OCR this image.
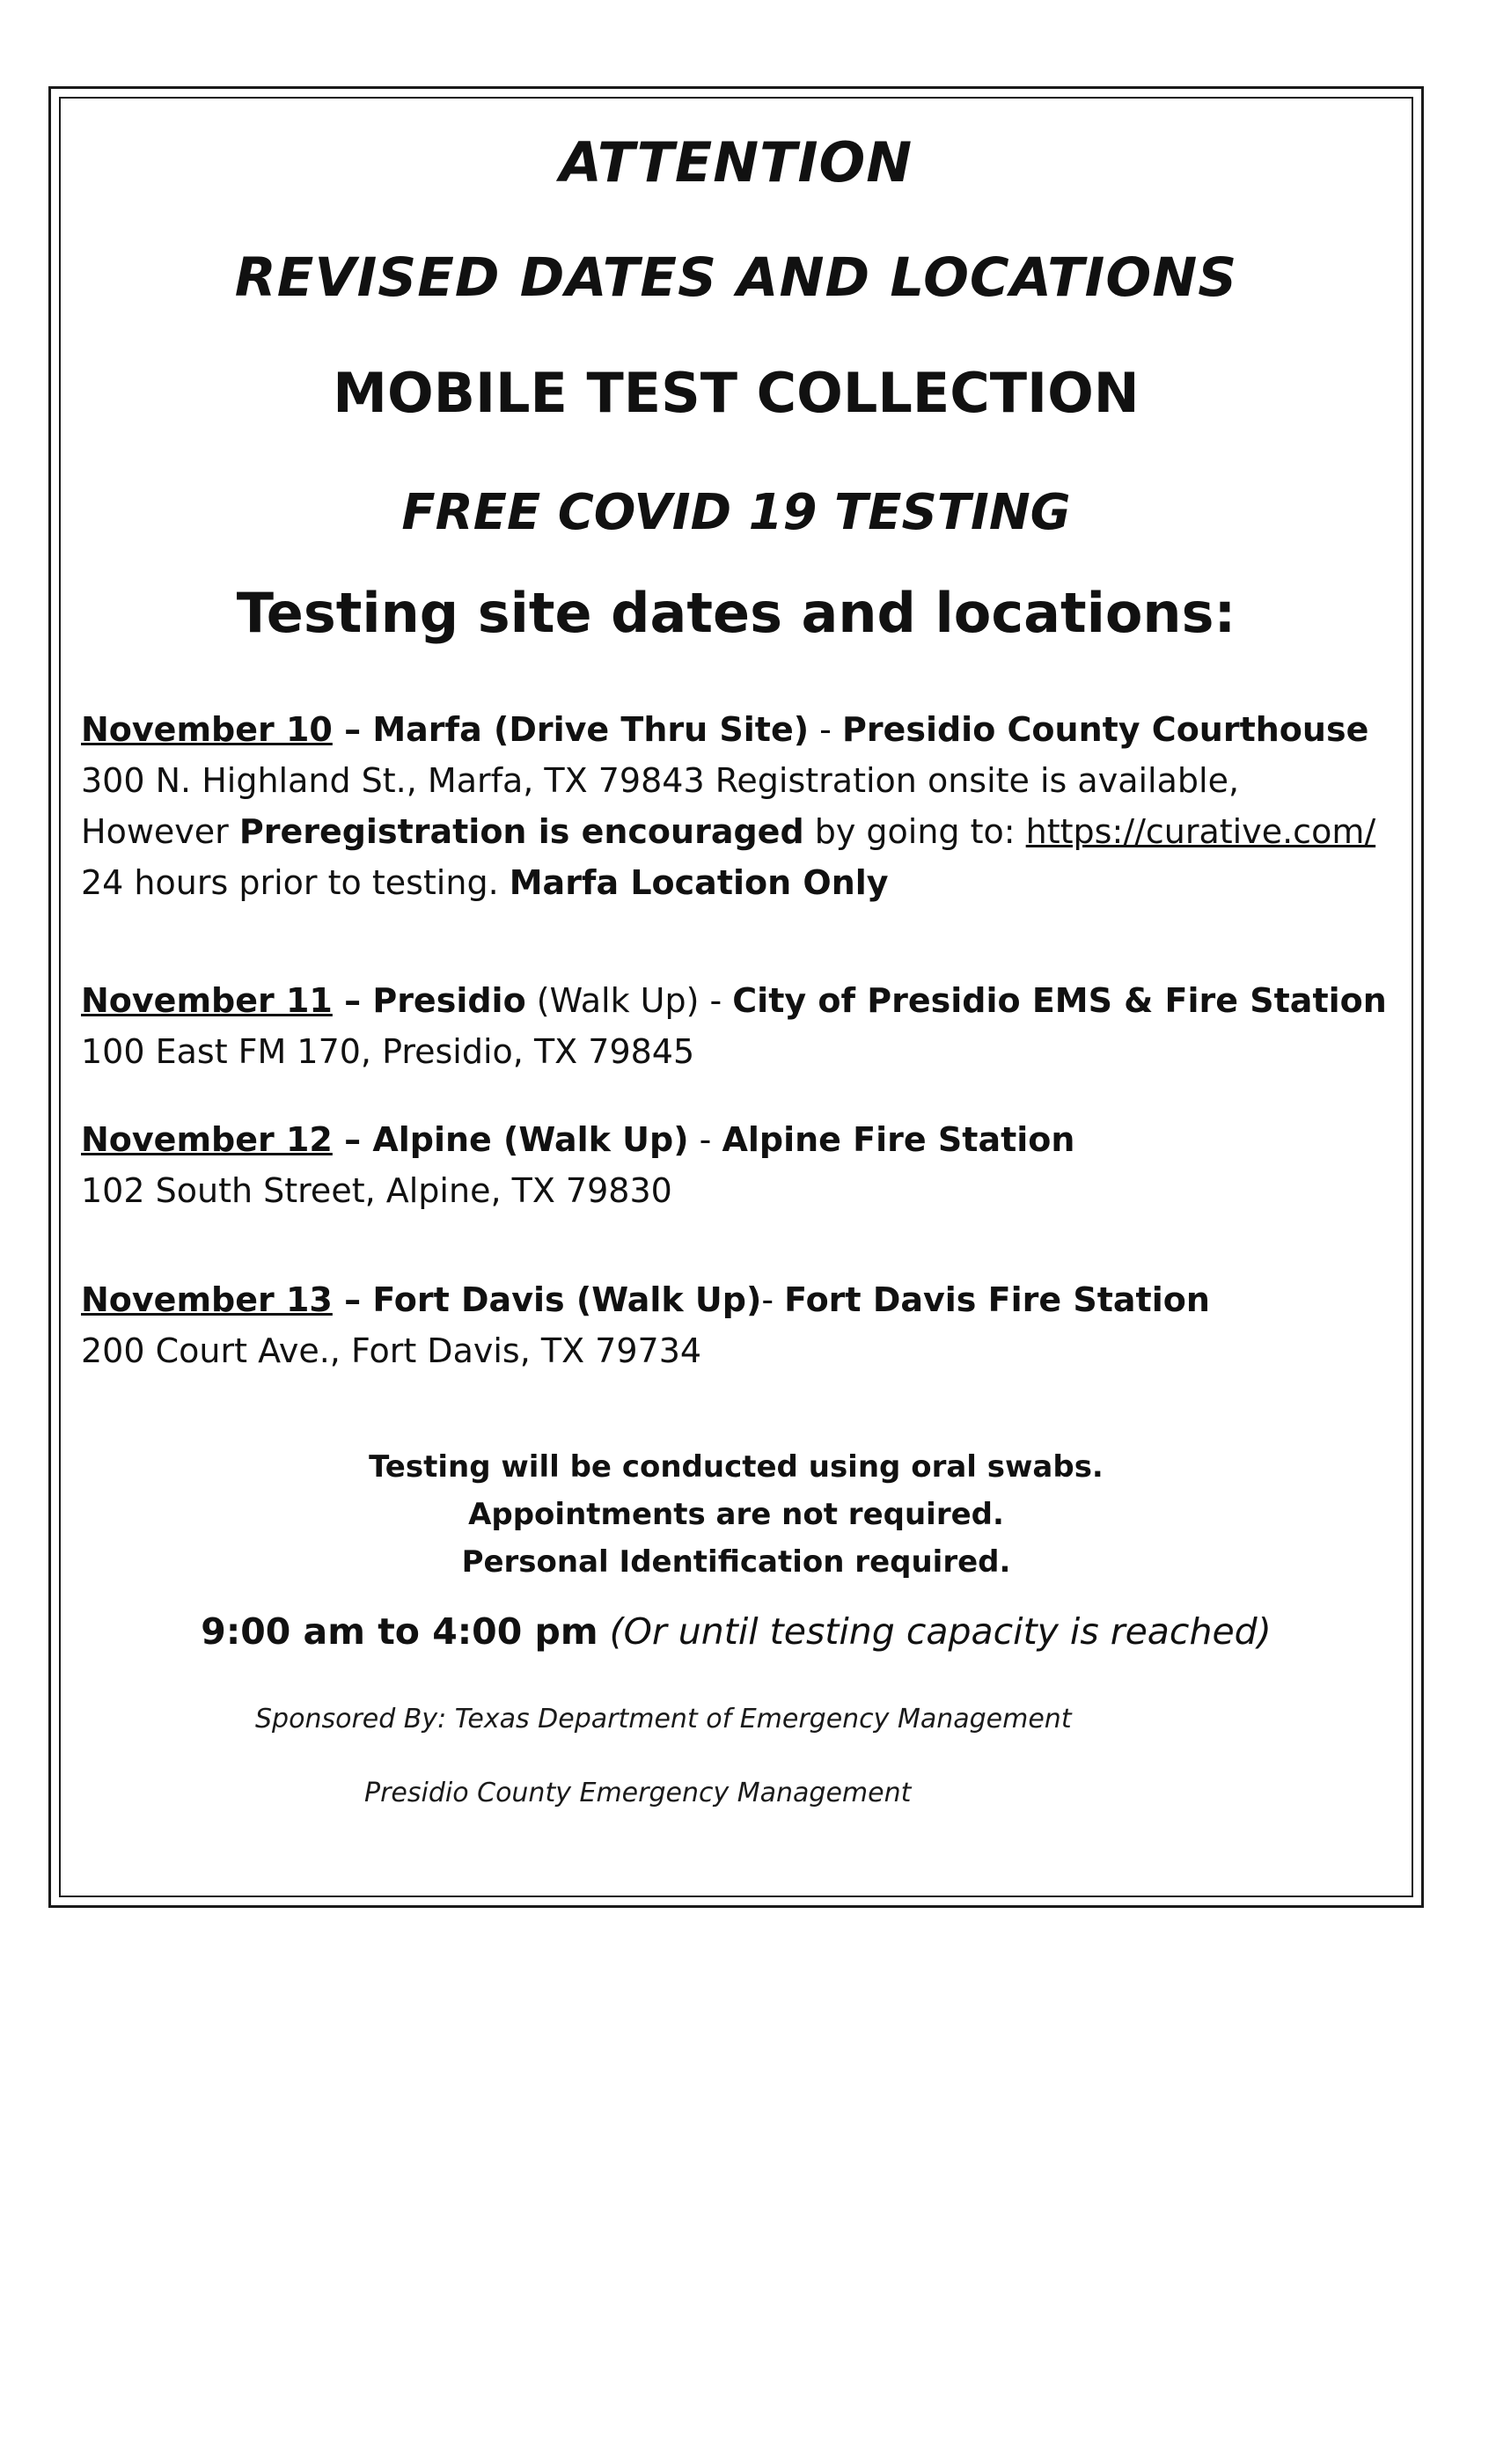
ATTENTION
REVISED DATES AND LOCATIONS
MOBILE TEST COLLECTION
FREE COVID 19 TESTING
Testing site dates and locations:
November 10 – Marfa (Drive Thru Site) - Presidio County Courthouse
300 N. Highland St., Marfa, TX 79843 Registration onsite is available,
However Preregistration is encouraged by going to: https://curative.com/
24 hours prior to testing. Marfa Location Only
November 11 – Presidio (Walk Up) - City of Presidio EMS & Fire Station
100 East FM 170, Presidio, TX 79845
November 12 – Alpine (Walk Up) - Alpine Fire Station
102 South Street, Alpine, TX 79830
November 13 – Fort Davis (Walk Up)- Fort Davis Fire Station
200 Court Ave., Fort Davis, TX 79734
Testing will be conducted using oral swabs.
Appointments are not required.
Personal Identification required.
9:00 am to 4:00 pm (Or until testing capacity is reached)
Sponsored By: Texas Department of Emergency Management
Presidio County Emergency Management
